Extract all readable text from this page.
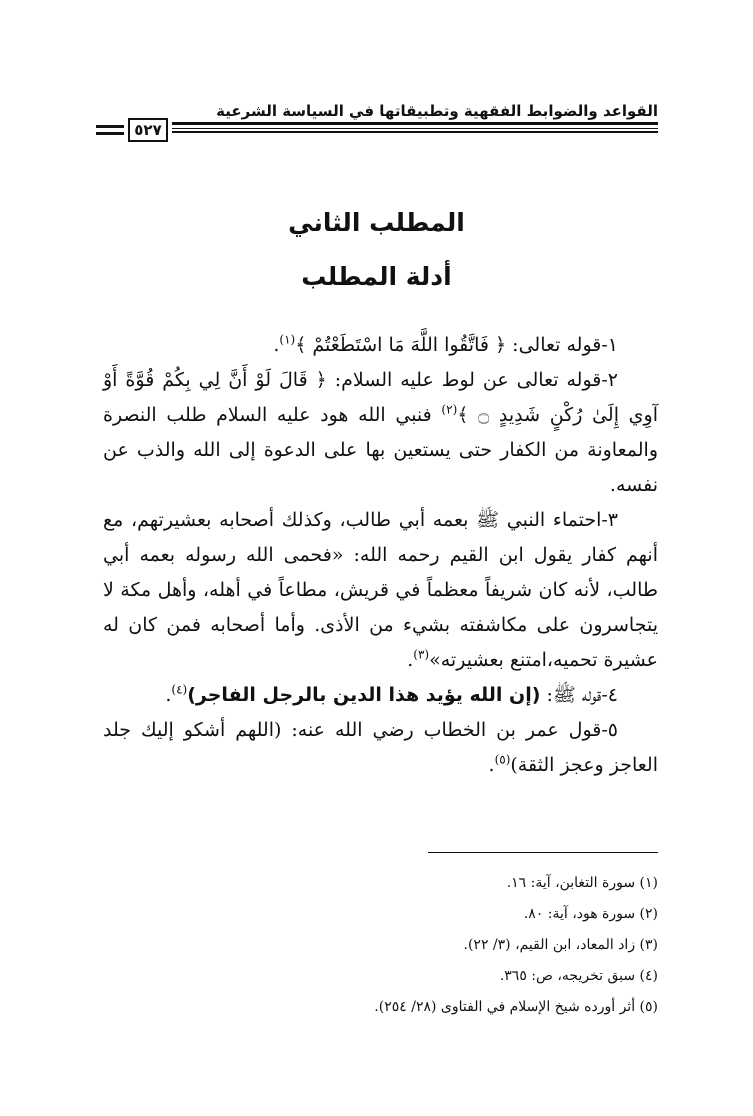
القواعد والضوابط الفقهية وتطبيقاتها في السياسة الشرعية
٥٢٧
المطلب الثاني
أدلة المطلب

١-قوله تعالى: ﴿ فَاتَّقُوا اللَّهَ مَا اسْتَطَعْتُمْ ﴾$^{(١)}$.

٢-قوله تعالى عن لوط عليه السلام: ﴿ قَالَ لَوْ أَنَّ لِي بِكُمْ قُوَّةً أَوْ آوِي إِلَىٰ رُكْنٍ شَدِيدٍ ۝ ﴾$^{(٢)}$ فنبي الله هود عليه السلام طلب النصرة والمعاونة من الكفار حتى يستعين بها على الدعوة إلى الله والذب عن نفسه.

٣-احتماء النبي ﷺ بعمه أبي طالب، وكذلك أصحابه بعشيرتهم، مع أنهم كفار يقول ابن القيم رحمه الله: «فحمى الله رسوله بعمه أبي طالب، لأنه كان شريفاً معظماً في قريش، مطاعاً في أهله، وأهل مكة لا يتجاسرون على مكاشفته بشيء من الأذى. وأما أصحابه فمن كان له عشيرة تحميه،امتنع بعشيرته»$^{(٣)}$.

٤-قوله ﷺ: (إن الله يؤيد هذا الدين بالرجل الفاجر)$^{(٤)}$.

٥-قول عمر بن الخطاب رضي الله عنه: (اللهم أشكو إليك جلد العاجز وعجز الثقة)$^{(٥)}$.

(١) سورة التغابن، آية: ١٦.
(٢) سورة هود، آية: ٨٠.
(٣) زاد المعاد، ابن القيم، (٣/ ٢٢).
(٤) سبق تخريجه، ص: ٣٦٥.
(٥) أثر أورده شيخ الإسلام في الفتاوى (٢٨/ ٢٥٤).
